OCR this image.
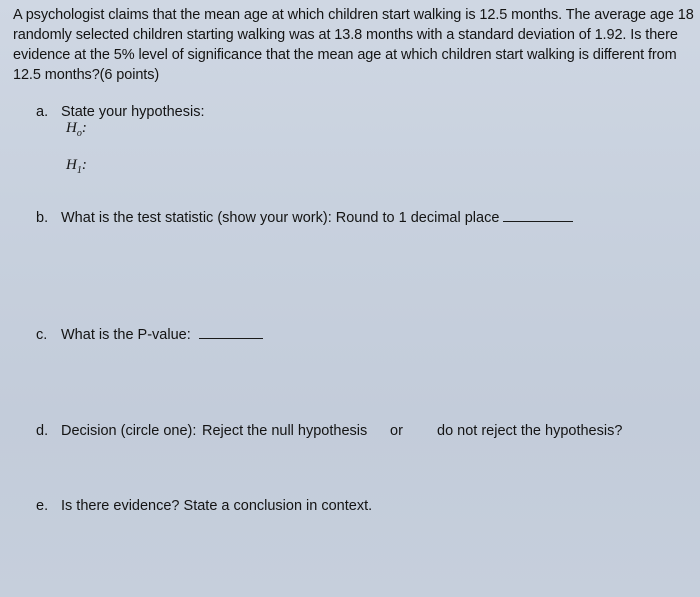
A psychologist claims that the mean age at which children start walking is 12.5 months. The average age 18

randomly selected children starting walking was at 13.8 months with a standard deviation of 1.92. Is there

evidence at the 5% level of significance that the mean age at which children start walking is different from

12.5 months?(6 points)

a. State your hypothesis:
$H_o$:
$H_1$:
b. What is the test statistic (show your work): Round to 1 decimal place
c. What is the P-value:
d. Decision (circle one): Reject the null hypothesis or do not reject the hypothesis?
e. Is there evidence? State a conclusion in context.
